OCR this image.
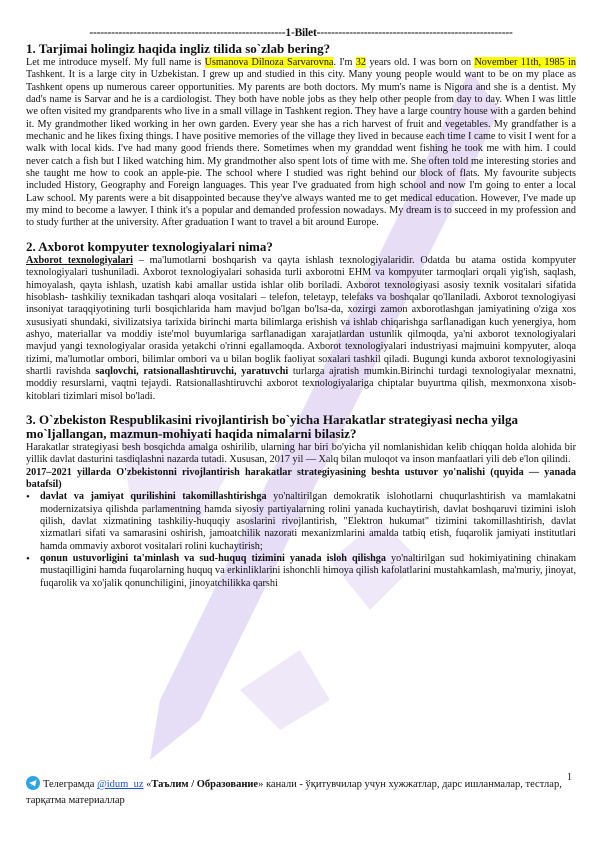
------------------------------------------------------1-Bilet------------------------------------------------------
1. Tarjimai holingiz haqida ingliz tilida so`zlab bering?

Let me introduce myself. My full name is Usmanova Dilnoza Sarvarovna. I'm 32 years old. I was born on November 11th, 1985 in Tashkent. It is a large city in Uzbekistan. I grew up and studied in this city. Many young people would want to be on my place as Tashkent opens up numerous career opportunities. My parents are both doctors. My mum's name is Nigora and she is a dentist. My dad's name is Sarvar and he is a cardiologist. They both have noble jobs as they help other people from day to day. When I was little we often visited my grandparents who live in a small village in Tashkent region. They have a large country house with a garden behind it. My grandmother liked working in her own garden. Every year she has a rich harvest of fruit and vegetables. My grandfather is a mechanic and he likes fixing things. I have positive memories of the village they lived in because each time I came to visit I went for a walk with local kids. I've had many good friends there. Sometimes when my granddad went fishing he took me with him. I could never catch a fish but I liked watching him. My grandmother also spent lots of time with me. She often told me interesting stories and she taught me how to cook an apple-pie. The school where I studied was right behind our block of flats. My favourite subjects included History, Geography and Foreign languages. This year I've graduated from high school and now I'm going to enter a local Law school. My parents were a bit disappointed because they've always wanted me to get medical education. However, I've made up my mind to become a lawyer. I think it's a popular and demanded profession nowadays. My dream is to succeed in my profession and to study further at the university. After graduation I want to travel a bit around Europe.

2. Axborot kompyuter texnologiyalari nima?

Axborot texnologiyalari – ma'lumotlarni boshqarish va qayta ishlash texnologiyalaridir. Odatda bu atama ostida kompyuter texnologiyalari tushuniladi. Axborot texnologiyalari sohasida turli axborotni EHM va kompyuter tarmoqlari orqali yig'ish, saqlash, himoyalash, qayta ishlash, uzatish kabi amallar ustida ishlar olib boriladi. Axborot texnologiyasi asosiy texnik vositalari sifatida hisoblash- tashkiliy texnikadan tashqari aloqa vositalari – telefon, teletayp, telefaks va boshqalar qo'llaniladi. Axborot texnologiyasi insoniyat taraqqiyotining turli bosqichlarida ham mavjud bo'lgan bo'lsa-da, xozirgi zamon axborotlashgan jamiyatining o'ziga xos xususiyati shundaki, sivilizatsiya tarixida birinchi marta bilimlarga erishish va ishlab chiqarishga sarflanadigan kuch yenergiya, hom ashyo, materiallar va moddiy iste'mol buyumlariga sarflanadigan xarajatlardan ustunlik qilmoqda, ya'ni axborot texnologiyalari mavjud yangi texnologiyalar orasida yetakchi o'rinni egallamoqda. Axborot texnologiyalari industriyasi majmuini kompyuter, aloqa tizimi, ma'lumotlar ombori, bilimlar ombori va u bilan boglik faoliyat soxalari tashkil qiladi. Bugungi kunda axborot texnologiyasini shartli ravishda saqlovchi, ratsionallashtiruvchi, yaratuvchi turlarga ajratish mumkin.Birinchi turdagi texnologiyalar mexnatni, moddiy resurslarni, vaqtni tejaydi. Ratsionallashtiruvchi axborot texnologiyalariga chiptalar buyurtma qilish, mexmonxona xisob-kitoblari tizimlari misol bo'ladi.

3. O`zbekiston Respublikasini rivojlantirish bo`yicha Harakatlar strategiyasi necha yilga mo`ljallangan, mazmun-mohiyati haqida nimalarni bilasiz?

Harakatlar strategiyasi besh bosqichda amalga oshirilib, ularning har biri bo'yicha yil nomlanishidan kelib chiqqan holda alohida bir yillik davlat dasturini tasdiqlashni nazarda tutadi. Xususan, 2017 yil — Xalq bilan muloqot va inson manfaatlari yili deb e'lon qilindi.

2017–2021 yillarda O'zbekistonni rivojlantirish harakatlar strategiyasining beshta ustuvor yo'nalishi (quyida — yanada batafsil)

• davlat va jamiyat qurilishini takomillashtirishga yo'naltirilgan demokratik islohotlarni chuqurlashtirish va mamlakatni modernizatsiya qilishda parlamentning hamda siyosiy partiyalarning rolini yanada kuchaytirish, davlat boshqaruvi tizimini isloh qilish, davlat xizmatining tashkiliy-huquqiy asoslarini rivojlantirish, "Elektron hukumat" tizimini takomillashtirish, davlat xizmatlari sifati va samarasini oshirish, jamoatchilik nazorati mexanizmlarini amalda tatbiq etish, fuqarolik jamiyati institutlari hamda ommaviy axborot vositalari rolini kuchaytirish;

• qonun ustuvorligini ta'minlash va sud-huquq tizimini yanada isloh qilishga yo'naltirilgan sud hokimiyatining chinakam mustaqilligini hamda fuqarolarning huquq va erkinliklarini ishonchli himoya qilish kafolatlarini mustahkamlash, ma'muriy, jinoyat, fuqarolik va xo'jalik qonunchiligini, jinoyatchilikka qarshi

1
Телеграмда @idum_uz «Таълим / Образование» канали - ўқитувчилар учун хужжатлар, дарс ишланмалар, тестлар, тарқатма материаллар
